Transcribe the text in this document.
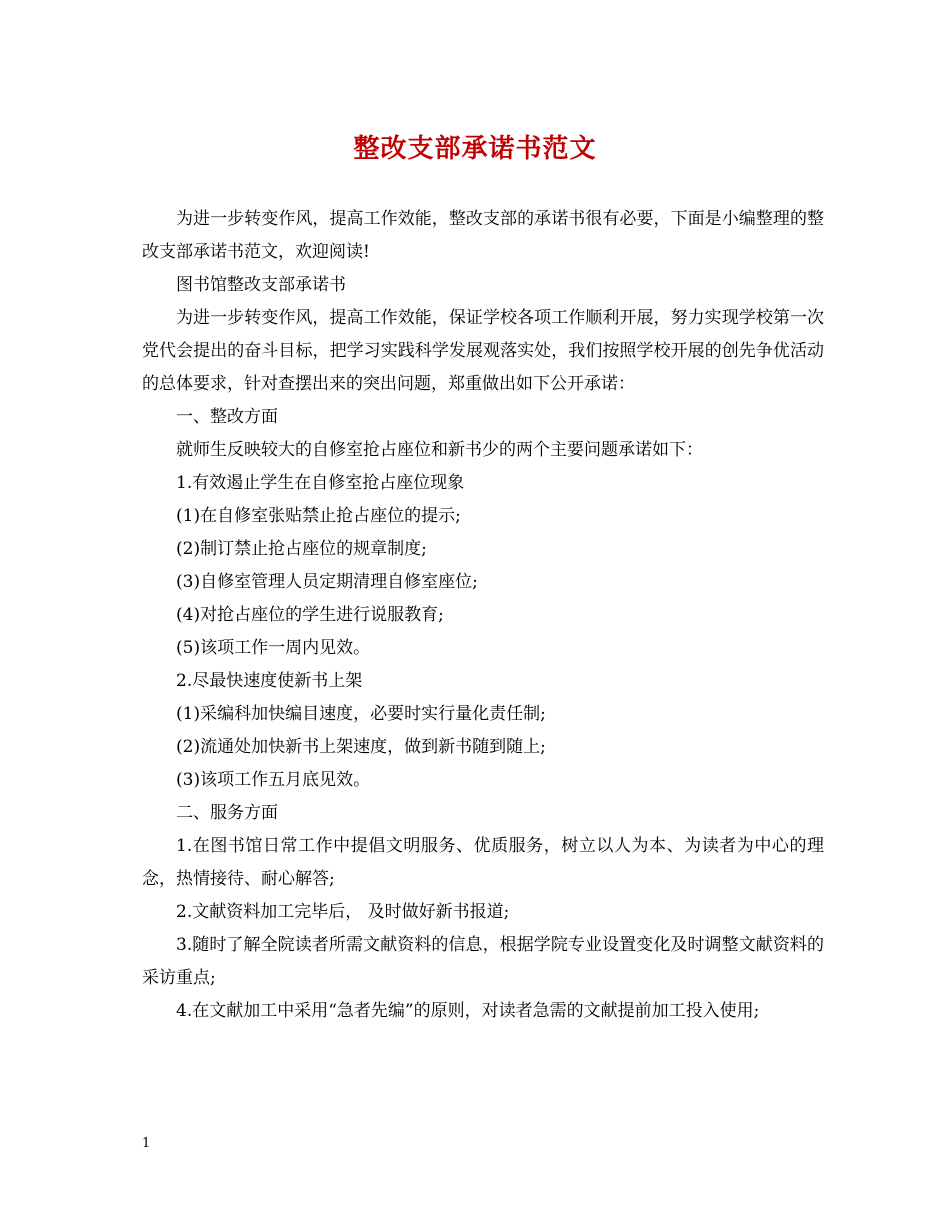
整改支部承诺书范文

为进一步转变作风，提高工作效能，整改支部的承诺书很有必要，下面是小编整理的整改支部承诺书范文，欢迎阅读!

图书馆整改支部承诺书

为进一步转变作风，提高工作效能，保证学校各项工作顺利开展，努力实现学校第一次党代会提出的奋斗目标，把学习实践科学发展观落实处，我们按照学校开展的创先争优活动的总体要求，针对查摆出来的突出问题，郑重做出如下公开承诺：

一、整改方面

就师生反映较大的自修室抢占座位和新书少的两个主要问题承诺如下：

1.有效遏止学生在自修室抢占座位现象

(1)在自修室张贴禁止抢占座位的提示;

(2)制订禁止抢占座位的规章制度;

(3)自修室管理人员定期清理自修室座位;

(4)对抢占座位的学生进行说服教育;

(5)该项工作一周内见效。

2.尽最快速度使新书上架

(1)采编科加快编目速度，必要时实行量化责任制;

(2)流通处加快新书上架速度，做到新书随到随上;

(3)该项工作五月底见效。

二、服务方面

1.在图书馆日常工作中提倡文明服务、优质服务，树立以人为本、为读者为中心的理念，热情接待、耐心解答;

2.文献资料加工完毕后， 及时做好新书报道;

3.随时了解全院读者所需文献资料的信息，根据学院专业设置变化及时调整文献资料的采访重点;

4.在文献加工中采用“急者先编”的原则，对读者急需的文献提前加工投入使用;

1
